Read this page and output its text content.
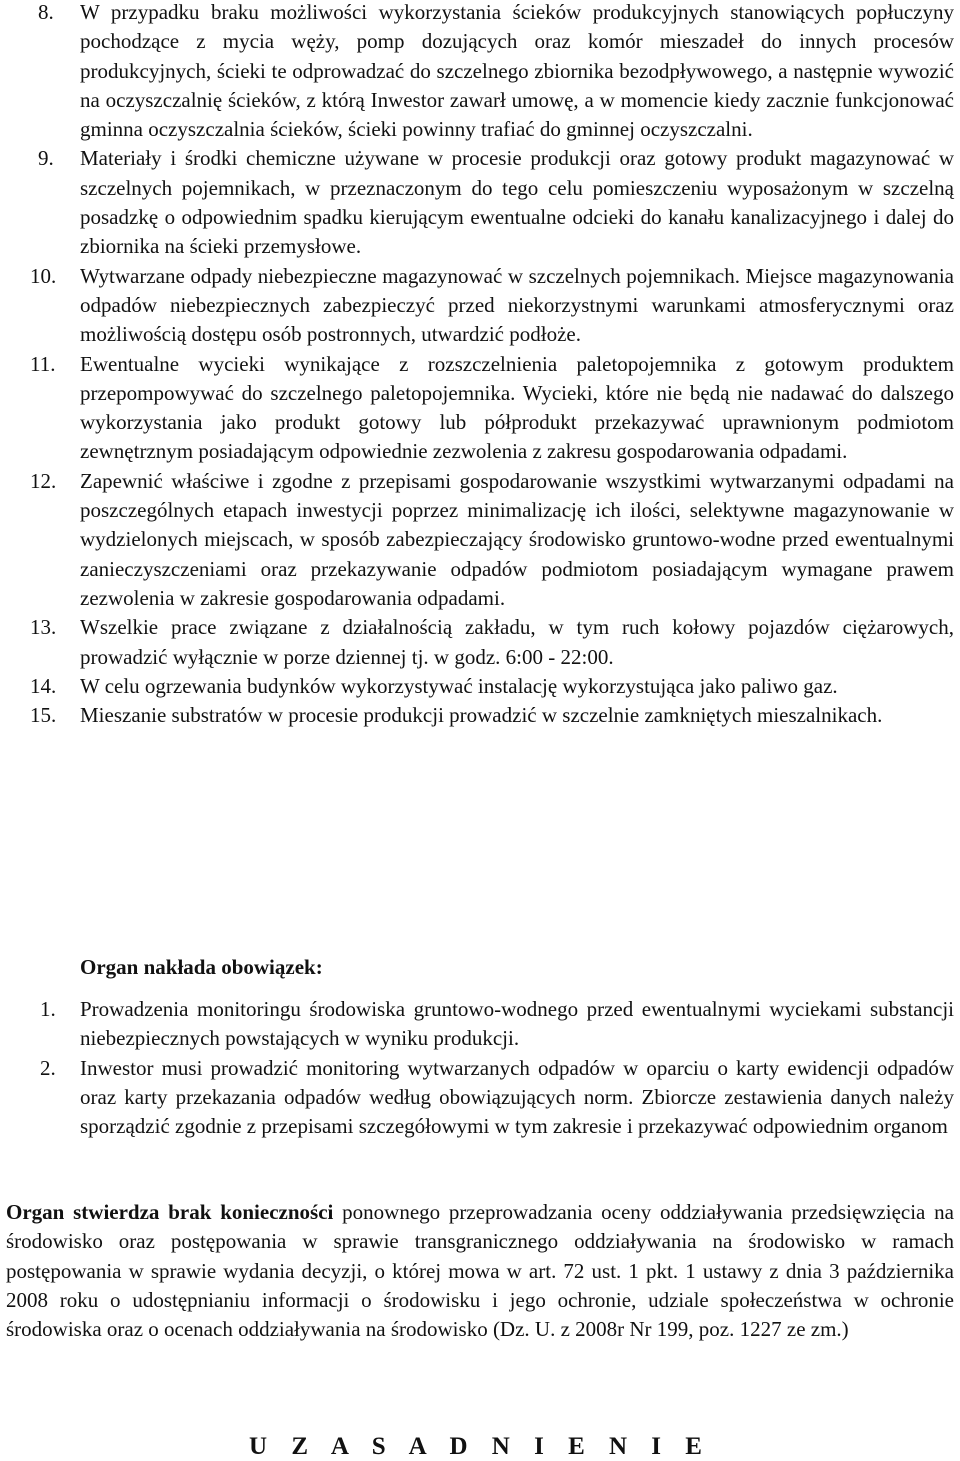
8. W przypadku braku możliwości wykorzystania ścieków produkcyjnych stanowiących popłuczyny pochodzące z mycia węży, pomp dozujących oraz komór mieszadeł do innych procesów produkcyjnych, ścieki te odprowadzać do szczelnego zbiornika bezodpływowego, a następnie wywozić na oczyszczalnię ścieków, z którą Inwestor zawarł umowę, a w momencie kiedy zacznie funkcjonować gminna oczyszczalnia ścieków, ścieki powinny trafiać do gminnej oczyszczalni.
9. Materiały i środki chemiczne używane w procesie produkcji oraz gotowy produkt magazynować w szczelnych pojemnikach, w przeznaczonym do tego celu pomieszczeniu wyposażonym w szczelną posadzkę o odpowiednim spadku kierującym ewentualne odcieki do kanału kanalizacyjnego i dalej do zbiornika na ścieki przemysłowe.
10. Wytwarzane odpady niebezpieczne magazynować w szczelnych pojemnikach. Miejsce magazynowania odpadów niebezpiecznych zabezpieczyć przed niekorzystnymi warunkami atmosferycznymi oraz możliwością dostępu osób postronnych, utwardzić podłoże.
11. Ewentualne wycieki wynikające z rozszczelnienia paletopojemnika z gotowym produktem przepompowywać do szczelnego paletopojemnika. Wycieki, które nie będą nie nadawać do dalszego wykorzystania jako produkt gotowy lub półprodukt przekazywać uprawnionym podmiotom zewnętrznym posiadającym odpowiednie zezwolenia z zakresu gospodarowania odpadami.
12. Zapewnić właściwe i zgodne z przepisami gospodarowanie wszystkimi wytwarzanymi odpadami na poszczególnych etapach inwestycji poprzez minimalizację ich ilości, selektywne magazynowanie w wydzielonych miejscach, w sposób zabezpieczający środowisko gruntowo-wodne przed ewentualnymi zanieczyszczeniami oraz przekazywanie odpadów podmiotom posiadającym wymagane prawem zezwolenia w zakresie gospodarowania odpadami.
13. Wszelkie prace związane z działalnością zakładu, w tym ruch kołowy pojazdów ciężarowych, prowadzić wyłącznie w porze dziennej tj. w godz. 6:00 - 22:00.
14. W celu ogrzewania budynków wykorzystywać instalację wykorzystująca jako paliwo gaz.
15. Mieszanie substratów w procesie produkcji prowadzić w szczelnie zamkniętych mieszalnikach.
Organ nakłada obowiązek:
1. Prowadzenia monitoringu środowiska gruntowo-wodnego przed ewentualnymi wyciekami substancji niebezpiecznych powstających w wyniku produkcji.
2. Inwestor musi prowadzić monitoring wytwarzanych odpadów w oparciu o karty ewidencji odpadów oraz karty przekazania odpadów według obowiązujących norm. Zbiorcze zestawienia danych należy sporządzić zgodnie z przepisami szczegółowymi w tym zakresie i przekazywać odpowiednim organom
Organ stwierdza brak konieczności ponownego przeprowadzania oceny oddziaływania przedsięwzięcia na środowisko oraz postępowania w sprawie transgranicznego oddziaływania na środowisko w ramach postępowania w sprawie wydania decyzji, o której mowa w art. 72 ust. 1 pkt. 1 ustawy z dnia 3 października 2008 roku o udostępnianiu informacji o środowisku i jego ochronie, udziale społeczeństwa w ochronie środowiska oraz o ocenach oddziaływania na środowisko (Dz. U. z 2008r Nr 199, poz. 1227 ze zm.)
U Z A S A D N I E N I E
